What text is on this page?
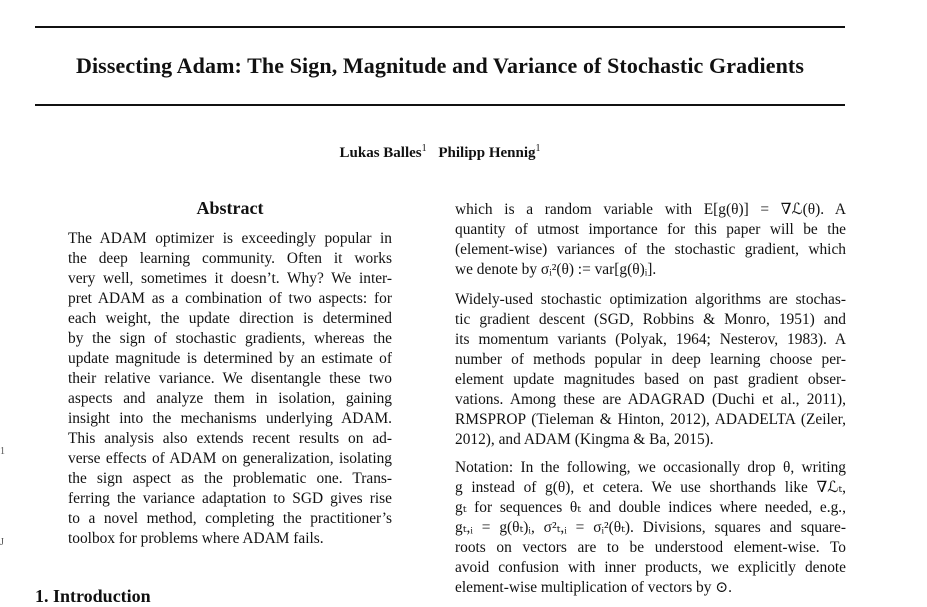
Dissecting Adam: The Sign, Magnitude and Variance of Stochastic Gradients
Lukas Balles$^1$ Philipp Hennig$^1$
Abstract
The ADAM optimizer is exceedingly popular in
the deep learning community. Often it works
very well, sometimes it doesn’t. Why? We inter-
pret ADAM as a combination of two aspects: for
each weight, the update direction is determined
by the sign of stochastic gradients, whereas the
update magnitude is determined by an estimate of
their relative variance. We disentangle these two
aspects and analyze them in isolation, gaining
insight into the mechanisms underlying ADAM.
This analysis also extends recent results on ad-
verse effects of ADAM on generalization, isolating
the sign aspect as the problematic one. Trans-
ferring the variance adaptation to SGD gives rise
to a novel method, completing the practitioner’s
toolbox for problems where ADAM fails.
which is a random variable with E[g(θ)] = ∇ℒ(θ). A
quantity of utmost importance for this paper will be the
(element-wise) variances of the stochastic gradient, which
we denote by σᵢ²(θ) := var[g(θ)ᵢ].
Widely-used stochastic optimization algorithms are stochas-
tic gradient descent (SGD, Robbins & Monro, 1951) and
its momentum variants (Polyak, 1964; Nesterov, 1983). A
number of methods popular in deep learning choose per-
element update magnitudes based on past gradient obser-
vations. Among these are ADAGRAD (Duchi et al., 2011),
RMSPROP (Tieleman & Hinton, 2012), ADADELTA (Zeiler,
2012), and ADAM (Kingma & Ba, 2015).
Notation: In the following, we occasionally drop θ, writing
g instead of g(θ), et cetera. We use shorthands like ∇ℒₜ,
gₜ for sequences θₜ and double indices where needed, e.g.,
gₜ,ᵢ = g(θₜ)ᵢ, σ²ₜ,ᵢ = σᵢ²(θₜ). Divisions, squares and square-
roots on vectors are to be understood element-wise. To
avoid confusion with inner products, we explicitly denote
element-wise multiplication of vectors by ⊙.
1. Introduction
1
J
